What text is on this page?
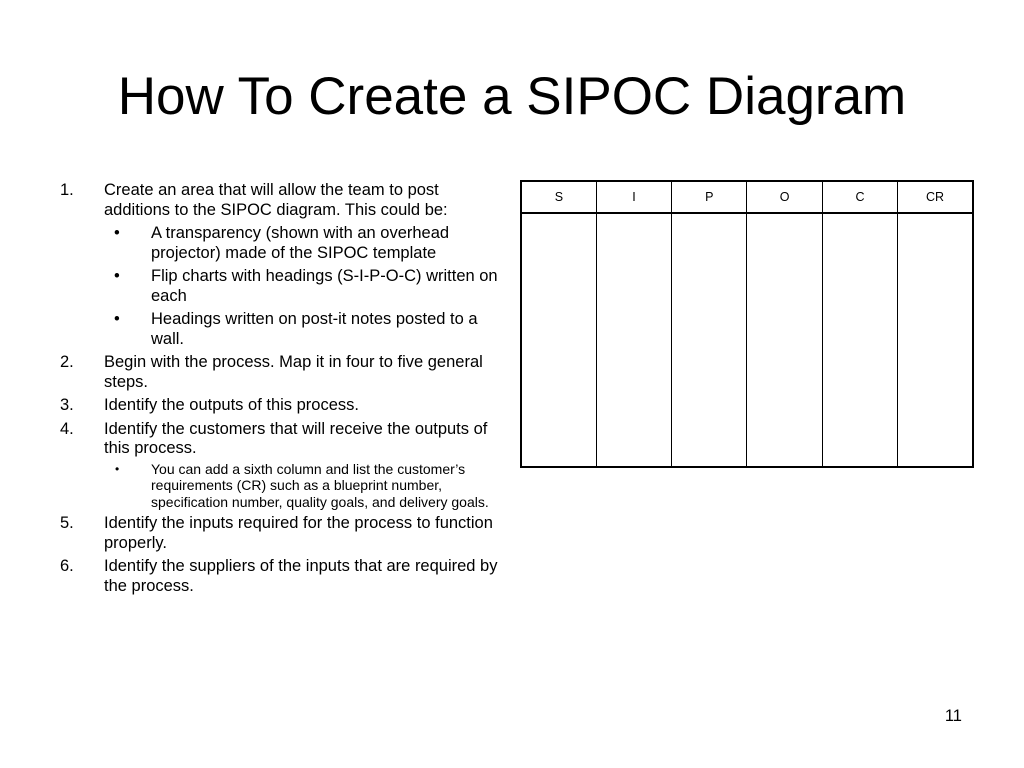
How To Create a SIPOC Diagram
1.	Create an area that will allow the team to post additions to the SIPOC diagram. This could be:
• A transparency (shown with an overhead projector) made of the SIPOC template
• Flip charts with headings (S-I-P-O-C) written on each
• Headings written on post-it notes posted to a wall.
2.	Begin with the process. Map it in four to five general steps.
3.	Identify the outputs of this process.
4.	Identify the customers that will receive the outputs of this process.
• You can add a sixth column and list the customer’s requirements (CR) such as a blueprint number, specification number, quality goals, and delivery goals.
5.	Identify the inputs required for the process to function properly.
6.	Identify the suppliers of the inputs that are required by the process.
S	I	P	O	C	CR

11
